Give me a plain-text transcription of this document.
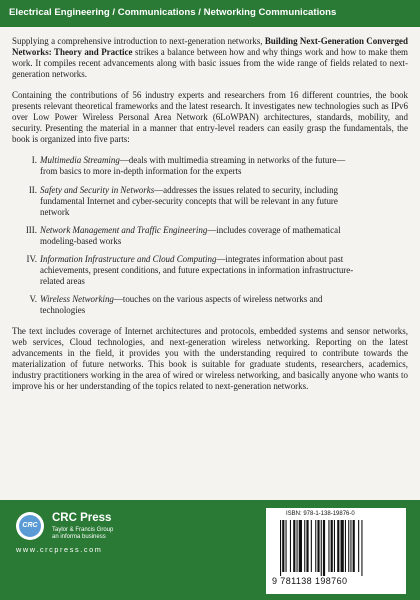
Electrical Engineering / Communications / Networking Communications

Supplying a comprehensive introduction to next-generation networks, Building Next-Generation Converged Networks: Theory and Practice strikes a balance between how and why things work and how to make them work. It compiles recent advancements along with basic issues from the wide range of fields related to next-generation networks.

Containing the contributions of 56 industry experts and researchers from 16 different countries, the book presents relevant theoretical frameworks and the latest research. It investigates new technologies such as IPv6 over Low Power Wireless Personal Area Network (6LoWPAN) architectures, standards, mobility, and security. Presenting the material in a manner that entry-level readers can easily grasp the fundamentals, the book is organized into five parts:

I. Multimedia Streaming—deals with multimedia streaming in networks of the future—from basics to more in-depth information for the experts
II. Safety and Security in Networks—addresses the issues related to security, including fundamental Internet and cyber-security concepts that will be relevant in any future network
III. Network Management and Traffic Engineering—includes coverage of mathematical modeling-based works
IV. Information Infrastructure and Cloud Computing—integrates information about past achievements, present conditions, and future expectations in information infrastructure-related areas
V. Wireless Networking—touches on the various aspects of wireless networks and technologies

The text includes coverage of Internet architectures and protocols, embedded systems and sensor networks, web services, Cloud technologies, and next-generation wireless networking. Reporting on the latest advancements in the field, it provides you with the understanding required to contribute towards the materialization of future networks. This book is suitable for graduate students, researchers, academics, industry practitioners working in the area of wired or wireless networking, and basically anyone who wants to improve his or her understanding of the topics related to next-generation networks.

CRC
CRC Press
Taylor & Francis Group
an informa business
www.crcpress.com
ISBN: 978-1-138-19876-0
9 781138 198760
